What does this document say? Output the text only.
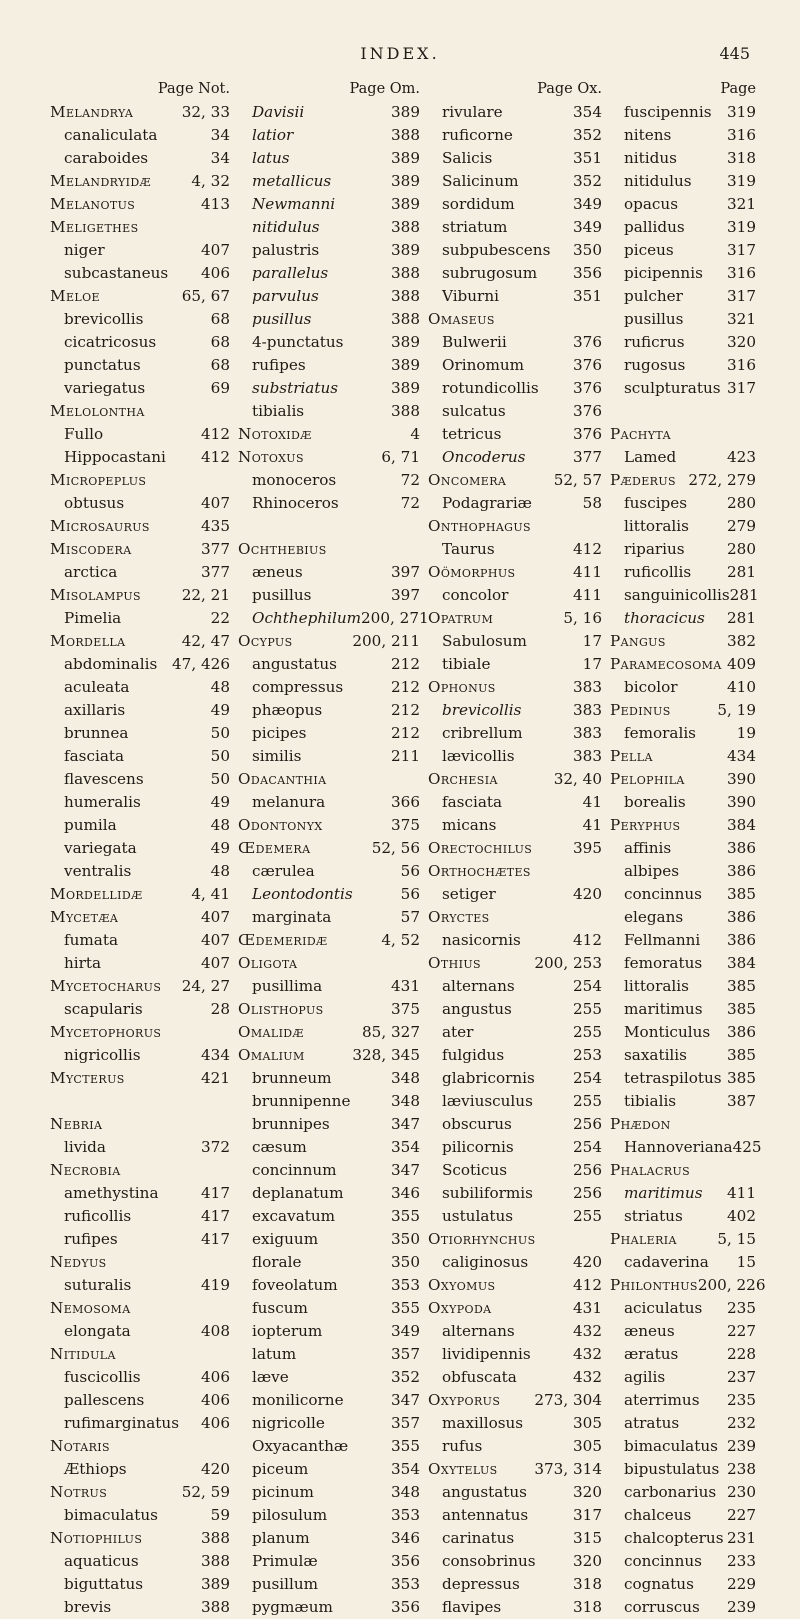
INDEX.	445
Page Not.
Melandrya	32, 33
canaliculata	34
caraboides	34
Melandryidæ	4, 32
Melanotus	413
Meligethes
niger	407
subcastaneus	406
Meloe	65, 67
brevicollis	68
cicatricosus	68
punctatus	68
variegatus	69
Melolontha
Fullo	412
Hippocastani	412
Micropeplus
obtusus	407
Microsaurus	435
Miscodera	377
arctica	377
Misolampus	22, 21
Pimelia	22
Mordella	42, 47
abdominalis 47, 426
aculeata	48
axillaris	49
brunnea	50
fasciata	50
flavescens	50
humeralis	49
pumila	48
variegata	49
ventralis	48
Mordellidæ	4, 41
Mycetæa	407
fumata	407
hirta	407
Mycetocharus	24, 27
scapularis	28
Mycetophorus
nigricollis	434
Mycterus	421
Nebria
livida	372
Necrobia
amethystina	417
ruficollis	417
rufipes	417
Nedyus
suturalis	419
Nemosoma
elongata	408
Nitidula
fuscicollis	406
pallescens	406
rufimarginatus	406
Notaris
Æthiops	420
Notrus	52, 59
bimaculatus	59
Notiophilus	388
aquaticus	388
biguttatus	389
brevis	388
Page Om.
Davisii	389
latior	388
latus	389
metallicus	389
Newmanni	389
nitidulus	388
palustris	389
parallelus	388
parvulus	388
pusillus	388
4-punctatus	389
rufipes	389
substriatus	389
tibialis	388
Notoxidæ	4
Notoxus	6, 71
monoceros	72
Rhinoceros	72
Ochthebius
æneus	397
pusillus	397
Ochthephilum 200, 271
Ocypus	200, 211
angustatus	212
compressus	212
phæopus	212
picipes	212
similis	211
Odacanthia
melanura	366
Odontonyx	375
Œdemera	52, 56
cærulea	56
Leontodontis	56
marginata	57
Œdemeridæ	4, 52
Oligota
pusillima	431
Olisthopus	375
Omalidæ	85, 327
Omalium	328, 345
brunneum	348
brunnipenne	348
brunnipes	347
cæsum	354
concinnum	347
deplanatum	346
excavatum	355
exiguum	350
florale	350
foveolatum	353
fuscum	355
iopterum	349
latum	357
læve	352
monilicorne	347
nigricolle	357
Oxyacanthæ	355
piceum	354
picinum	348
pilosulum	353
planum	346
Primulæ	356
pusillum	353
pygmæum	356
Page Ox.
rivulare	354
ruficorne	352
Salicis	351
Salicinum	352
sordidum	349
striatum	349
subpubescens	350
subrugosum	356
Viburni	351
Omaseus
Bulwerii	376
Orinomum	376
rotundicollis	376
sulcatus	376
tetricus	376
Oncoderus	377
Oncomera	52, 57
Podagrariæ	58
Onthophagus
Taurus	412
Oömorphus	411
concolor	411
Opatrum	5, 16
Sabulosum	17
tibiale	17
Ophonus	383
brevicollis	383
cribrellum	383
lævicollis	383
Orchesia	32, 40
fasciata	41
micans	41
Orectochilus	395
Orthochætes
setiger	420
Oryctes
nasicornis	412
Othius	200, 253
alternans	254
angustus	255
ater	255
fulgidus	253
glabricornis	254
læviusculus	255
obscurus	256
pilicornis	254
Scoticus	256
subiliformis	256
ustulatus	255
Otiorhynchus
caliginosus	420
Oxyomus	412
Oxypoda	431
alternans	432
lividipennis	432
obfuscata	432
Oxyporus	273, 304
maxillosus	305
rufus	305
Oxytelus	373, 314
angustatus	320
antennatus	317
carinatus	315
consobrinus	320
depressus	318
flavipes	318
Page
fuscipennis	319
nitens	316
nitidus	318
nitidulus	319
opacus	321
pallidus	319
piceus	317
picipennis	316
pulcher	317
pusillus	321
ruficrus	320
rugosus	316
sculpturatus 317
Pachyta
Lamed	423
Pæderus 272, 279
fuscipes	280
littoralis	279
riparius	280
ruficollis	281
sanguinicollis 281
thoracicus	281
Pangus	382
Paramecosoma 409
bicolor	410
Pedinus	5, 19
femoralis	19
Pella	434
Pelophila	390
borealis	390
Peryphus	384
affinis	386
albipes	386
concinnus	385
elegans	386
Fellmanni	386
femoratus	384
littoralis	385
maritimus	385
Monticulus	386
saxatilis	385
tetraspilotus 385
tibialis	387
Phædon
Hannoveriana 425
Phalacrus
maritimus	411
striatus	402
Phaleria	5, 15
cadaverina	15
Philonthus 200, 226
aciculatus	235
æneus	227
æratus	228
agilis	237
aterrimus	235
atratus	232
bimaculatus 239
bipustulatus 238
carbonarius 230
chalceus	227
chalcopterus 231
concinnus	233
cognatus	229
corruscus	239
